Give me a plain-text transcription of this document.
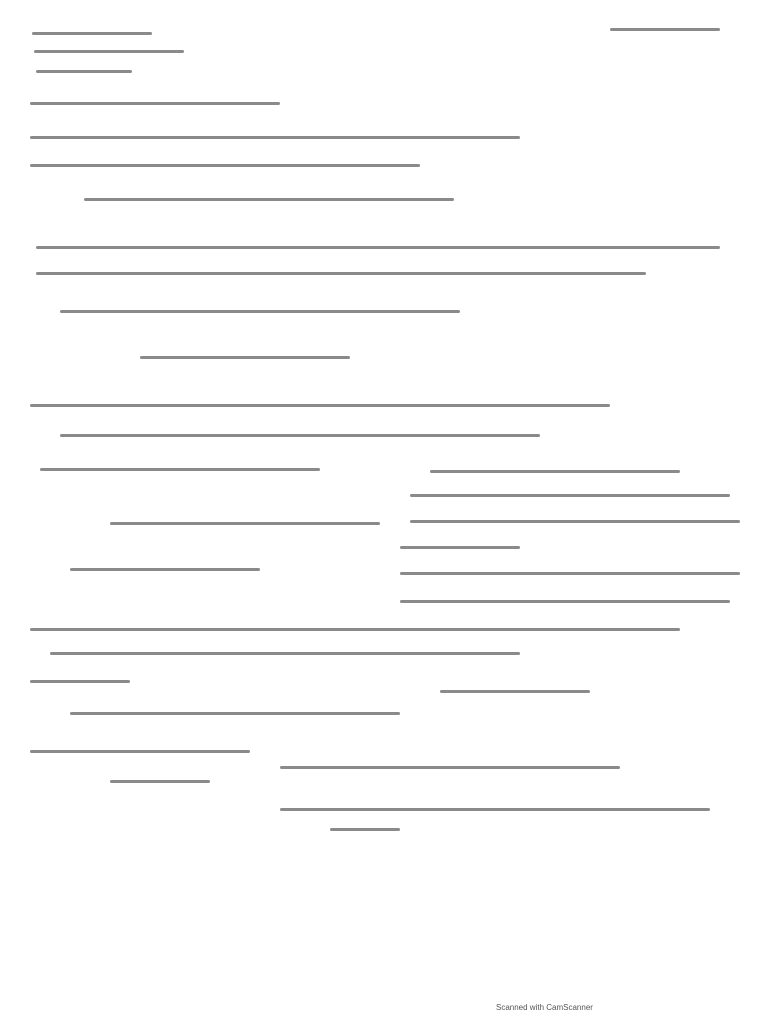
Scanned with CamScanner
